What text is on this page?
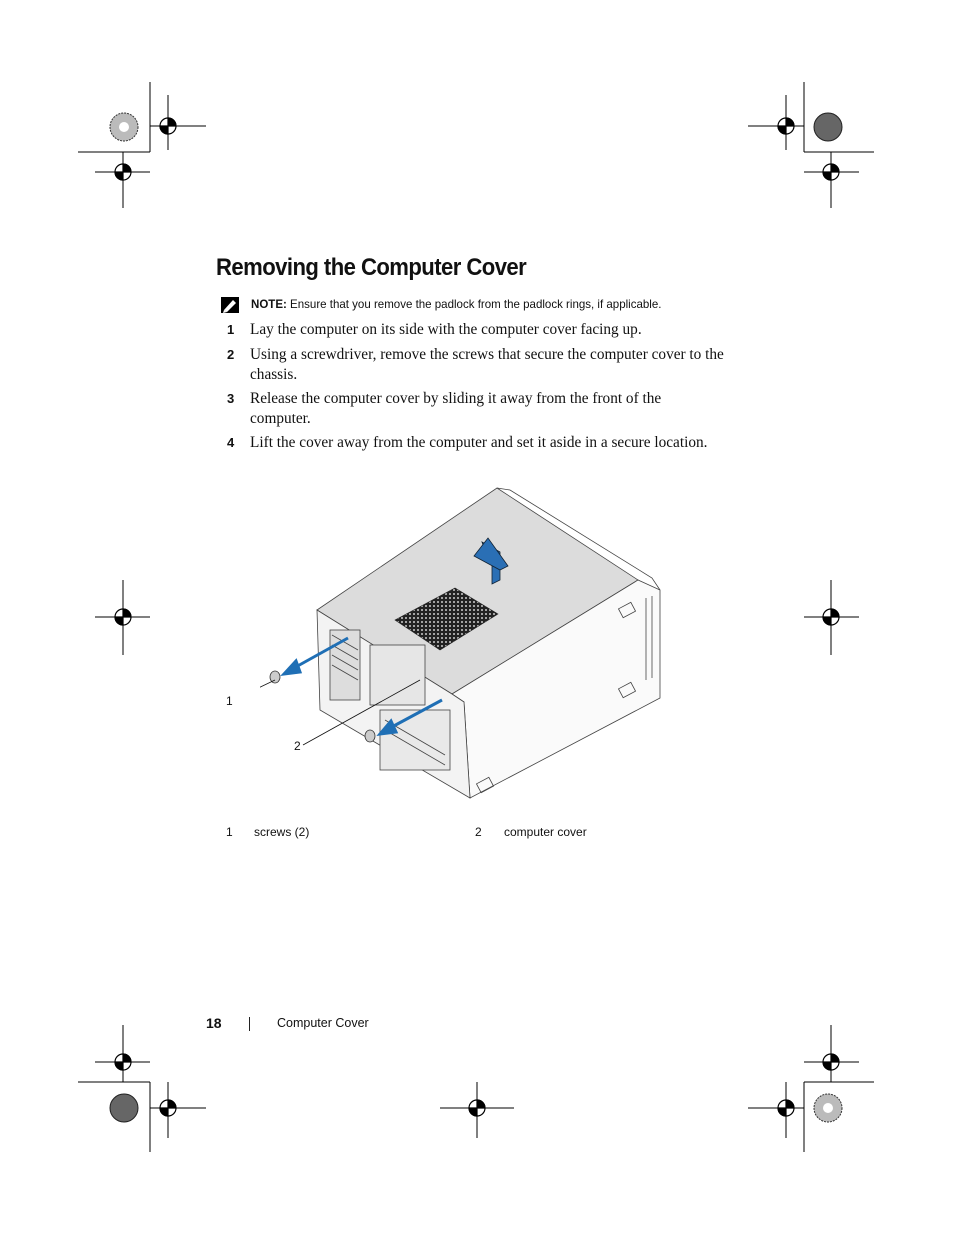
Removing the Computer Cover
NOTE: Ensure that you remove the padlock from the padlock rings, if applicable.
1 Lay the computer on its side with the computer cover facing up.
2 Using a screwdriver, remove the screws that secure the computer cover to the chassis.
3 Release the computer cover by sliding it away from the front of the computer.
4 Lift the cover away from the computer and set it aside in a secure location.
1
2
1 screws (2)	2 computer cover
18	Computer Cover
